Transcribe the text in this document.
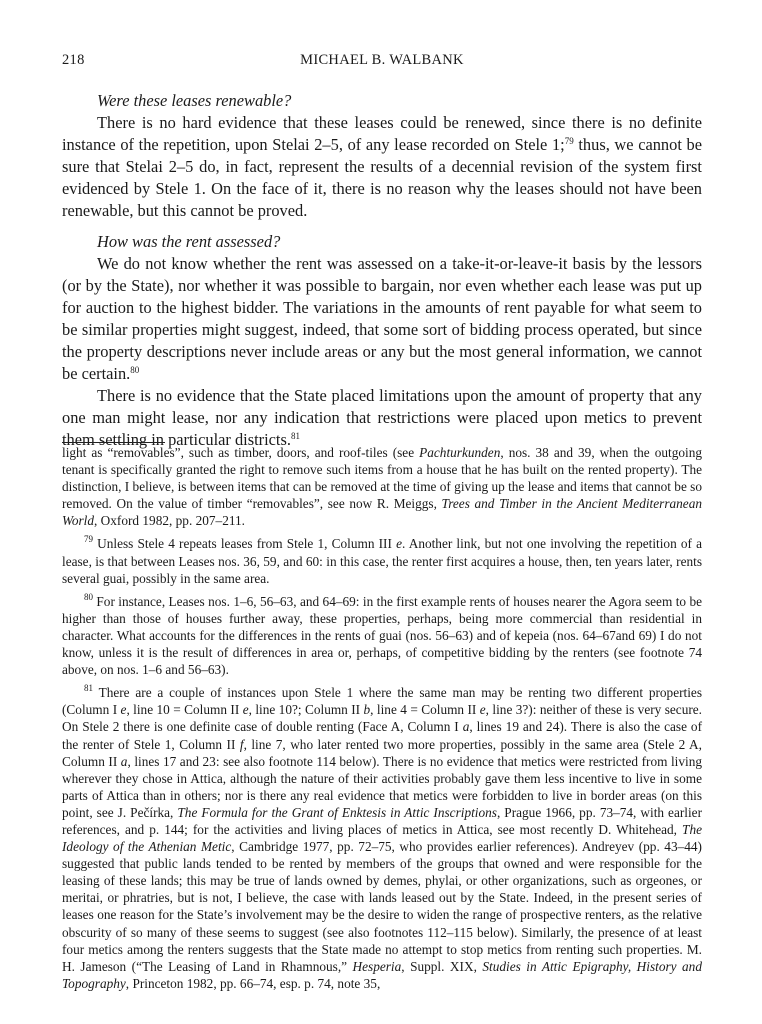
218	MICHAEL B. WALBANK

Were these leases renewable?

There is no hard evidence that these leases could be renewed, since there is no definite instance of the repetition, upon Stelai 2–5, of any lease recorded on Stele 1;$^{79}$ thus, we cannot be sure that Stelai 2–5 do, in fact, represent the results of a decennial revision of the system first evidenced by Stele 1. On the face of it, there is no reason why the leases should not have been renewable, but this cannot be proved.

How was the rent assessed?

We do not know whether the rent was assessed on a take-it-or-leave-it basis by the lessors (or by the State), nor whether it was possible to bargain, nor even whether each lease was put up for auction to the highest bidder. The variations in the amounts of rent payable for what seem to be similar properties might suggest, indeed, that some sort of bidding process operated, but since the property descriptions never include areas or any but the most general information, we cannot be certain.$^{80}$

There is no evidence that the State placed limitations upon the amount of property that any one man might lease, nor any indication that restrictions were placed upon metics to prevent them settling in particular districts.$^{81}$

light as “removables”, such as timber, doors, and roof-tiles (see Pachturkunden, nos. 38 and 39, when the outgoing tenant is specifically granted the right to remove such items from a house that he has built on the rented property). The distinction, I believe, is between items that can be removed at the time of giving up the lease and items that cannot be so removed. On the value of timber “removables”, see now R. Meiggs, Trees and Timber in the Ancient Mediterranean World, Oxford 1982, pp. 207–211.

$^{79}$ Unless Stele 4 repeats leases from Stele 1, Column III e. Another link, but not one involving the repetition of a lease, is that between Leases nos. 36, 59, and 60: in this case, the renter first acquires a house, then, ten years later, rents several guai, possibly in the same area.

$^{80}$ For instance, Leases nos. 1–6, 56–63, and 64–69: in the first example rents of houses nearer the Agora seem to be higher than those of houses further away, these properties, perhaps, being more commercial than residential in character. What accounts for the differences in the rents of guai (nos. 56–63) and of kepeia (nos. 64–67and 69) I do not know, unless it is the result of differences in area or, perhaps, of competitive bidding by the renters (see footnote 74 above, on nos. 1–6 and 56–63).

$^{81}$ There are a couple of instances upon Stele 1 where the same man may be renting two different properties (Column I e, line 10 = Column II e, line 10?; Column II b, line 4 = Column II e, line 3?): neither of these is very secure. On Stele 2 there is one definite case of double renting (Face A, Column I a, lines 19 and 24). There is also the case of the renter of Stele 1, Column II f, line 7, who later rented two more properties, possibly in the same area (Stele 2 A, Column II a, lines 17 and 23: see also footnote 114 below). There is no evidence that metics were restricted from living wherever they chose in Attica, although the nature of their activities probably gave them less incentive to live in some parts of Attica than in others; nor is there any real evidence that metics were forbidden to live in border areas (on this point, see J. Pečírka, The Formula for the Grant of Enktesis in Attic Inscriptions, Prague 1966, pp. 73–74, with earlier references, and p. 144; for the activities and living places of metics in Attica, see most recently D. Whitehead, The Ideology of the Athenian Metic, Cambridge 1977, pp. 72–75, who provides earlier references). Andreyev (pp. 43–44) suggested that public lands tended to be rented by members of the groups that owned and were responsible for the leasing of these lands; this may be true of lands owned by demes, phylai, or other organizations, such as orgeones, or meritai, or phratries, but is not, I believe, the case with lands leased out by the State. Indeed, in the present series of leases one reason for the State’s involvement may be the desire to widen the range of prospective renters, as the relative obscurity of so many of these seems to suggest (see also footnotes 112–115 below). Similarly, the presence of at least four metics among the renters suggests that the State made no attempt to stop metics from renting such properties. M. H. Jameson (“The Leasing of Land in Rhamnous,” Hesperia, Suppl. XIX, Studies in Attic Epigraphy, History and Topography, Princeton 1982, pp. 66–74, esp. p. 74, note 35,
